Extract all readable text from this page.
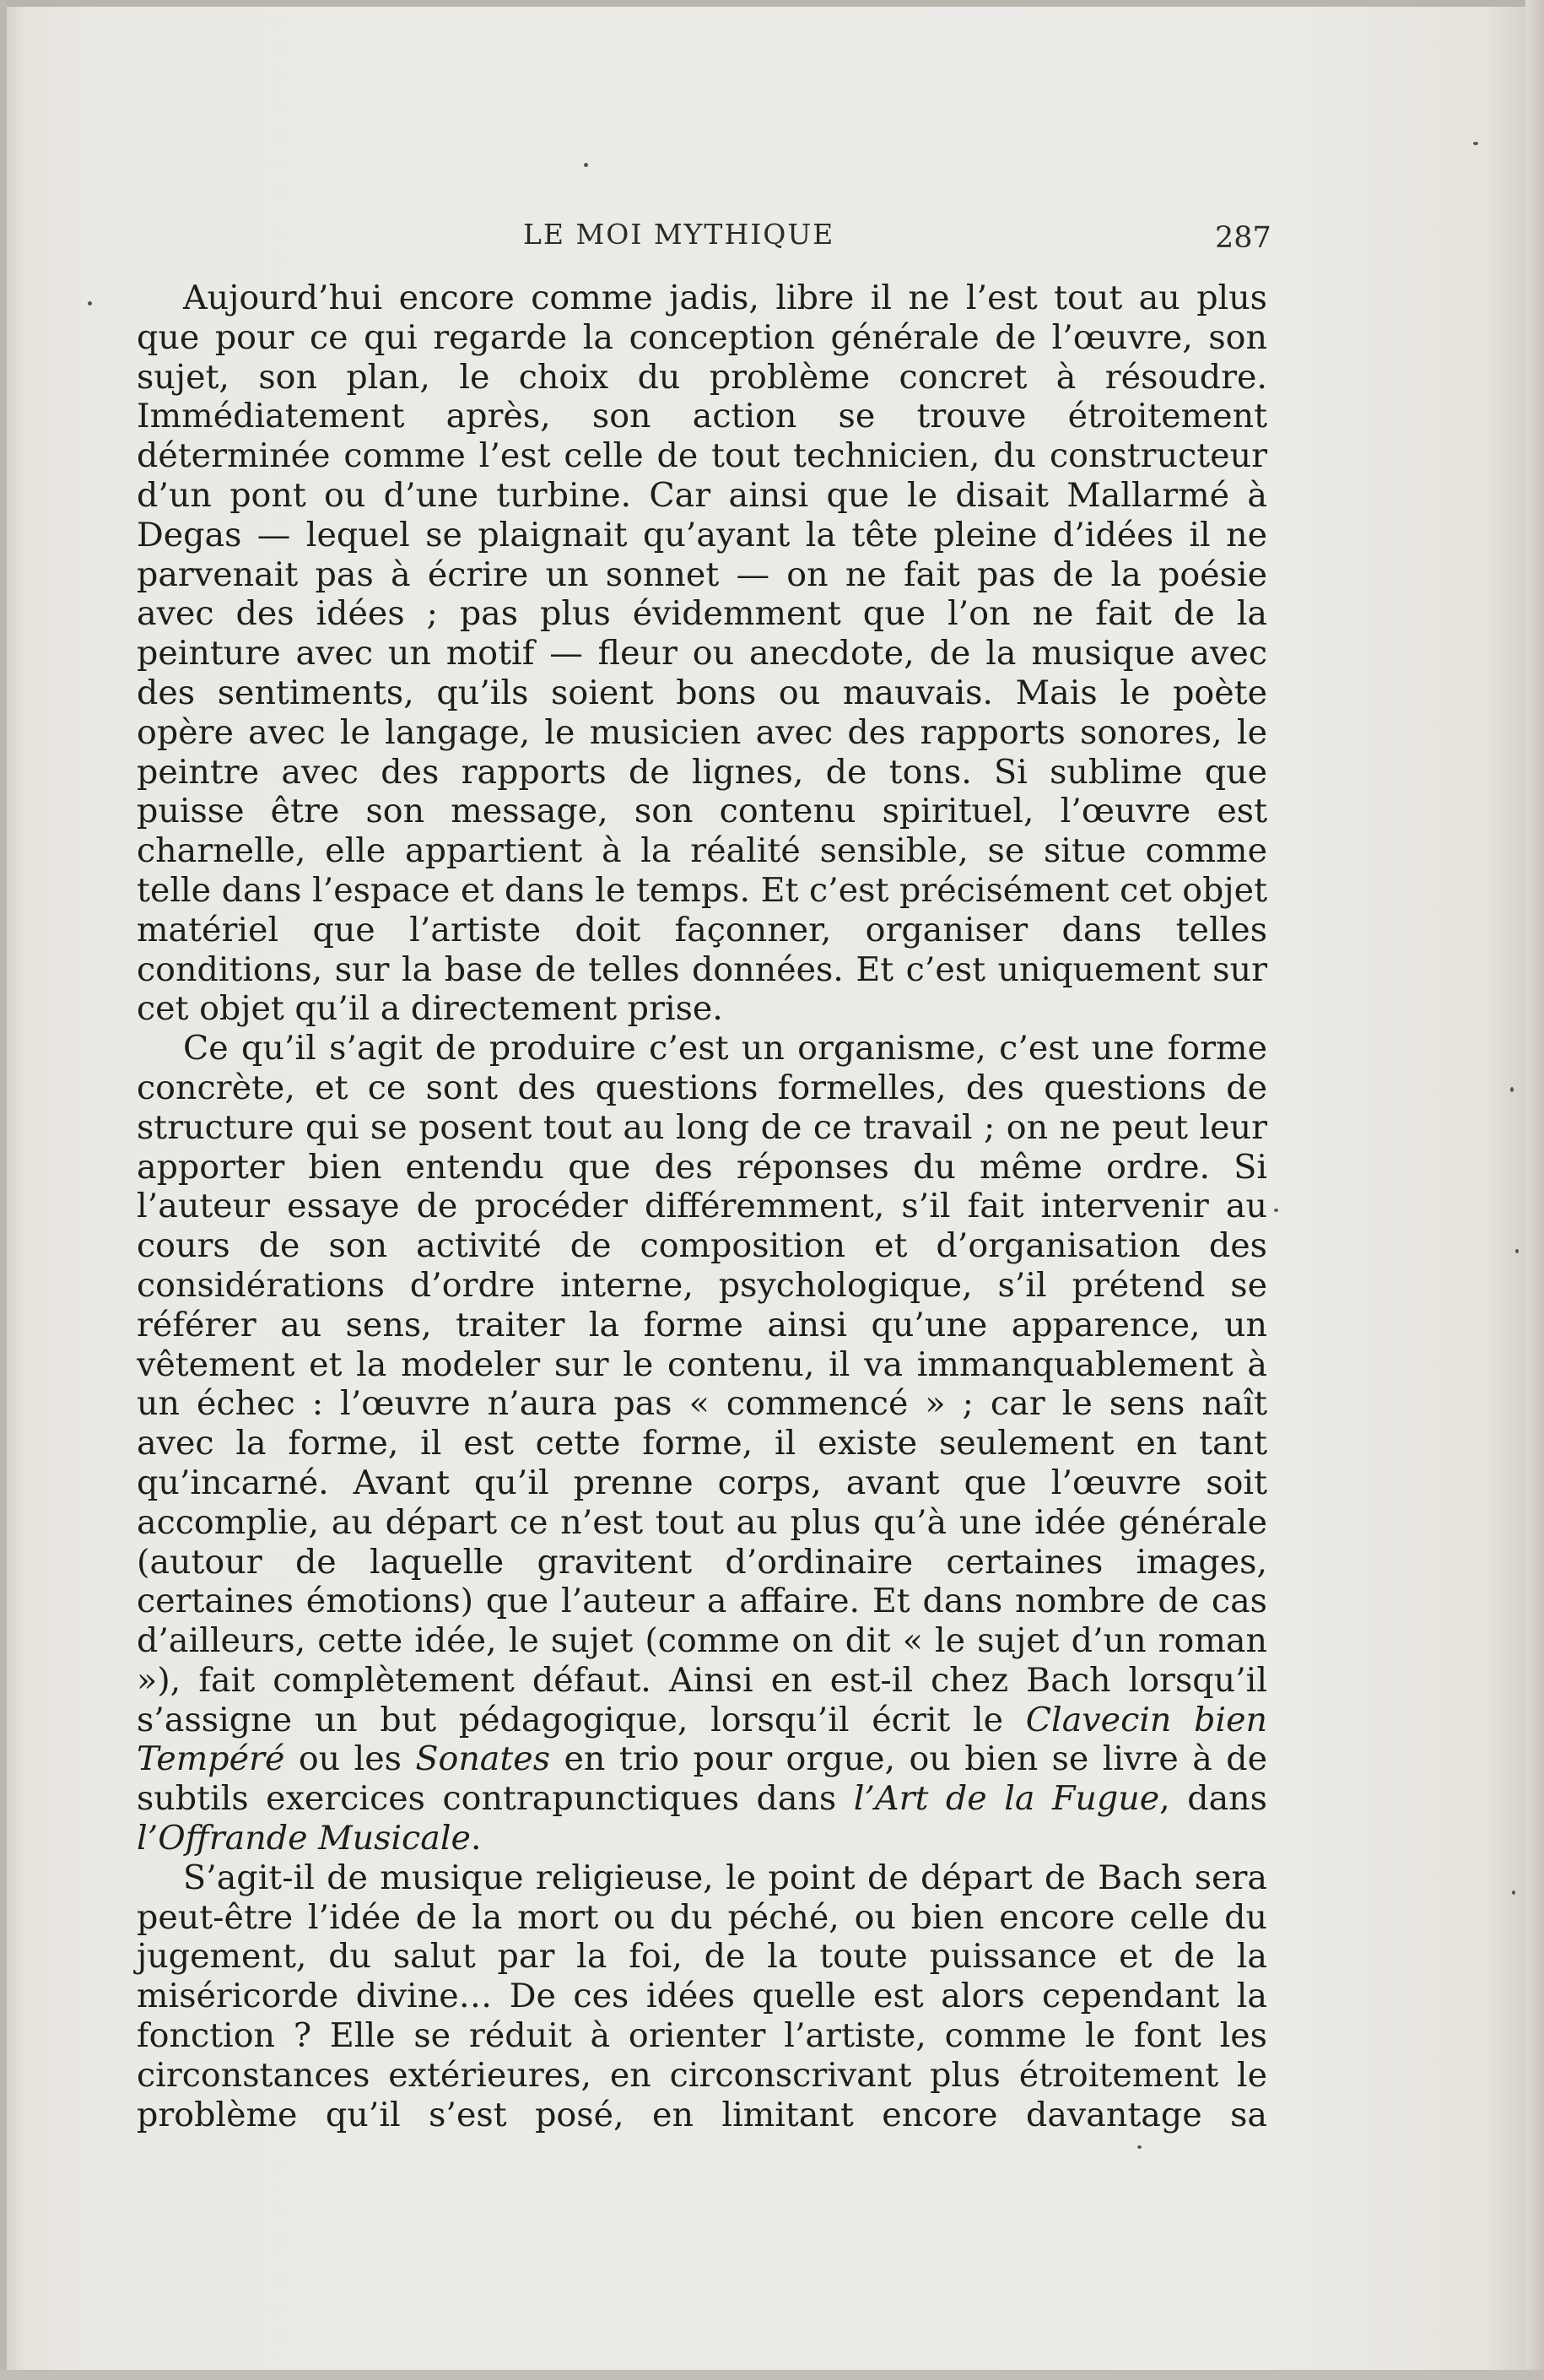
LE MOI MYTHIQUE	287

Aujourd’hui encore comme jadis, libre il ne l’est tout au plus que pour ce qui regarde la conception générale de l’œuvre, son sujet, son plan, le choix du problème concret à résoudre. Immédiatement après, son action se trouve étroitement déterminée comme l’est celle de tout technicien, du constructeur d’un pont ou d’une turbine. Car ainsi que le disait Mallarmé à Degas — lequel se plaignait qu’ayant la tête pleine d’idées il ne parvenait pas à écrire un sonnet — on ne fait pas de la poésie avec des idées ; pas plus évidemment que l’on ne fait de la peinture avec un motif — fleur ou anecdote, de la musique avec des sentiments, qu’ils soient bons ou mauvais. Mais le poète opère avec le langage, le musicien avec des rapports sonores, le peintre avec des rapports de lignes, de tons. Si sublime que puisse être son message, son contenu spirituel, l’œuvre est charnelle, elle appartient à la réalité sensible, se situe comme telle dans l’espace et dans le temps. Et c’est précisément cet objet matériel que l’artiste doit façonner, organiser dans telles conditions, sur la base de telles données. Et c’est uniquement sur cet objet qu’il a directement prise.

Ce qu’il s’agit de produire c’est un organisme, c’est une forme concrète, et ce sont des questions formelles, des questions de structure qui se posent tout au long de ce travail ; on ne peut leur apporter bien entendu que des réponses du même ordre. Si l’auteur essaye de procéder différemment, s’il fait intervenir au cours de son activité de composition et d’organisation des considérations d’ordre interne, psychologique, s’il prétend se référer au sens, traiter la forme ainsi qu’une apparence, un vêtement et la modeler sur le contenu, il va immanquablement à un échec : l’œuvre n’aura pas « commencé » ; car le sens naît avec la forme, il est cette forme, il existe seulement en tant qu’incarné. Avant qu’il prenne corps, avant que l’œuvre soit accomplie, au départ ce n’est tout au plus qu’à une idée générale (autour de laquelle gravitent d’ordinaire certaines images, certaines émotions) que l’auteur a affaire. Et dans nombre de cas d’ailleurs, cette idée, le sujet (comme on dit « le sujet d’un roman »), fait complètement défaut. Ainsi en est-il chez Bach lorsqu’il s’assigne un but pédagogique, lorsqu’il écrit le Clavecin bien Tempéré ou les Sonates en trio pour orgue, ou bien se livre à de subtils exercices contrapunctiques dans l’Art de la Fugue, dans l’Offrande Musicale.

S’agit-il de musique religieuse, le point de départ de Bach sera peut-être l’idée de la mort ou du péché, ou bien encore celle du jugement, du salut par la foi, de la toute puissance et de la miséricorde divine… De ces idées quelle est alors cependant la fonction ? Elle se réduit à orienter l’artiste, comme le font les circonstances extérieures, en circonscrivant plus étroitement le problème qu’il s’est posé, en limitant encore davantage sa
